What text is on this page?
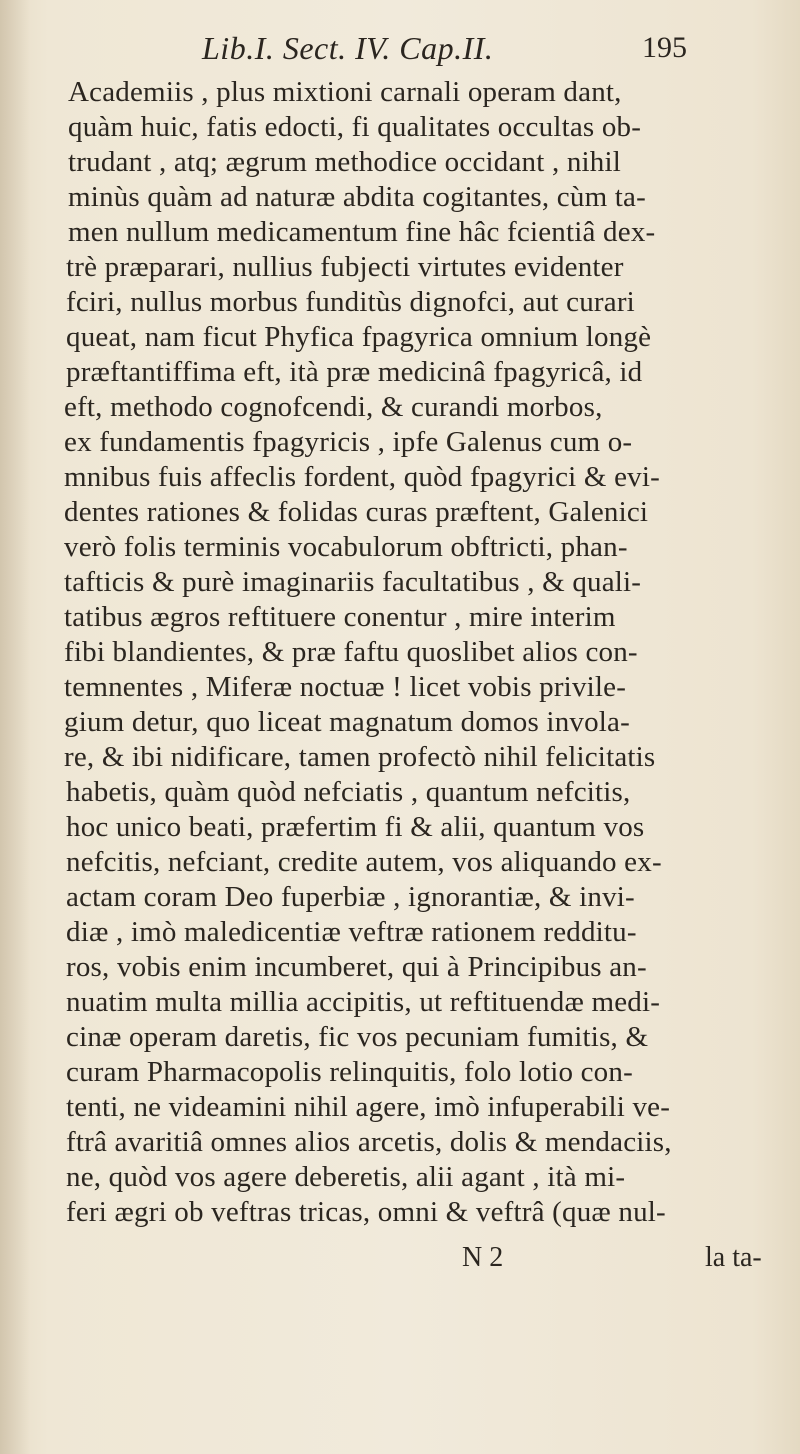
Lib.I. Sect. IV. Cap.II.	195
Academiis , plus mixtioni carnali operam dant,
quàm huic, fatis edocti, fi qualitates occultas ob-
trudant , atq; ægrum methodice occidant , nihil
minùs quàm ad naturæ abdita cogitantes, cùm ta-
men nullum medicamentum fine hâc fcientiâ dex-
trè præparari, nullius fubjecti virtutes evidenter
fciri, nullus morbus funditùs dignofci, aut curari
queat, nam ficut Phyfica fpagyrica omnium longè
præftantiffima eft, ità præ medicinâ fpagyricâ, id
eft, methodo cognofcendi, & curandi morbos,
ex fundamentis fpagyricis , ipfe Galenus cum o-
mnibus fuis affeclis fordent, quòd fpagyrici & evi-
dentes rationes & folidas curas præftent, Galenici
verò folis terminis vocabulorum obftricti, phan-
tafticis & purè imaginariis facultatibus , & quali-
tatibus ægros reftituere conentur , mire interim
fibi blandientes, & præ faftu quoslibet alios con-
temnentes , Miferæ noctuæ ! licet vobis privile-
gium detur, quo liceat magnatum domos involа-
re, & ibi nidificare, tamen profectò nihil felicitatis
habetis, quàm quòd nefciatis , quantum nefcitis,
hoc unico beati, præfertim fi & alii, quantum vos
nefcitis, nefciant, credite autem, vos aliquando ex-
actam coram Deo fuperbiæ , ignorantiæ, & invi-
diæ , imò maledicentiæ veftræ rationem redditu-
ros, vobis enim incumberet, qui à Principibus an-
nuatim multa millia accipitis, ut reftituendæ medi-
cinæ operam daretis, fic vos pecuniam fumitis, &
curam Pharmacopolis relinquitis, folo lotio con-
tenti, ne videamini nihil agere, imò infuperabili ve-
ftrâ avaritiâ omnes alios arcetis, dolis & mendaciis,
ne, quòd vos agere deberetis, alii agant , ità mi-
feri ægri ob veftras tricas, omni & veftrâ (quæ nul-
N 2	la ta-
